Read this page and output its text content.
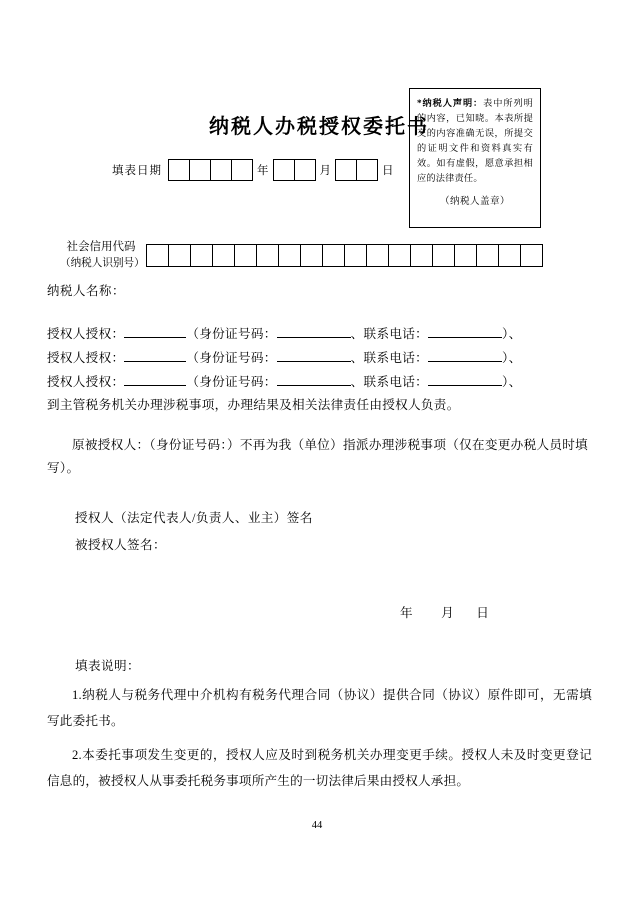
*纳税人声明：表中所列明的内容，已知晓。本表所提交的内容准确无误，所提交的证明文件和资料真实有效。如有虚假，愿意承担相应的法律责任。
（纳税人盖章）
纳税人办税授权委托书
填表日期	年	月	日
社会信用代码
（纳税人识别号）
纳税人名称：
授权人授权：	（身份证号码：	、联系电话：	）、
授权人授权：	（身份证号码：	、联系电话：	）、
授权人授权：	（身份证号码：	、联系电话：	）、
到主管税务机关办理涉税事项，办理结果及相关法律责任由授权人负责。
原被授权人：（身份证号码：）不再为我（单位）指派办理涉税事项（仅在变更办税人员时填写）。
授权人（法定代表人/负责人、业主）签名
被授权人签名：
年 月 日
填表说明：

1.纳税人与税务代理中介机构有税务代理合同（协议）提供合同（协议）原件即可，无需填写此委托书。

2.本委托事项发生变更的，授权人应及时到税务机关办理变更手续。授权人未及时变更登记信息的，被授权人从事委托税务事项所产生的一切法律后果由授权人承担。

44
